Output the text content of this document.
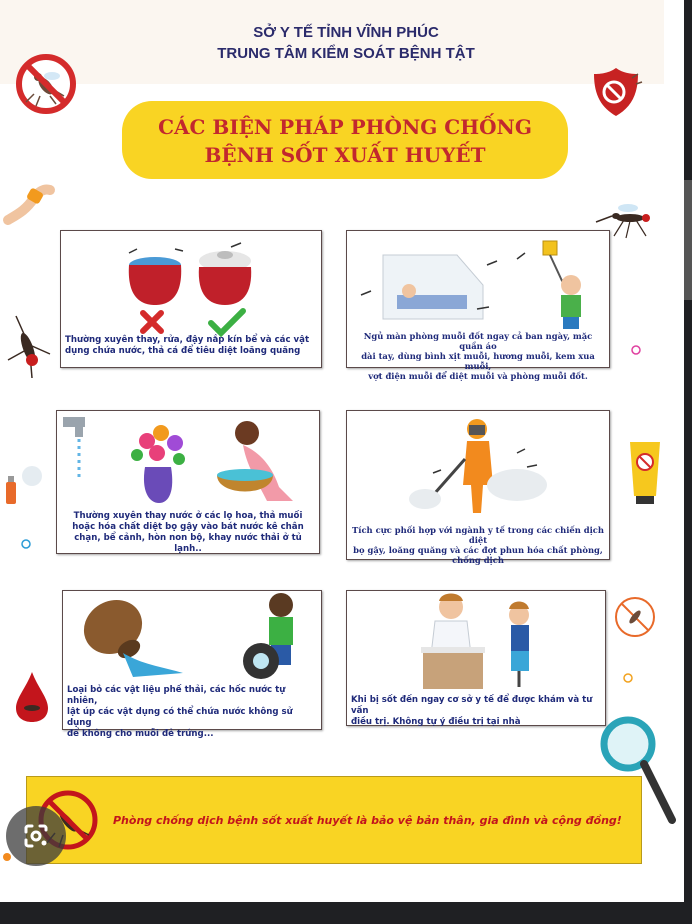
SỞ Y TẾ TỈNH VĨNH PHÚC
TRUNG TÂM KIỂM SOÁT BỆNH TẬT
CÁC BIỆN PHÁP PHÒNG CHỐNG
BỆNH SỐT XUẤT HUYẾT
Thường xuyên thay, rửa, đậy nắp kín bể và các vật
dụng chứa nước, thả cá để tiêu diệt loăng quăng
Ngủ màn phòng muỗi đốt ngay cả ban ngày, mặc quần áo
dài tay, dùng bình xịt muỗi, hương muỗi, kem xua muỗi,
vợt điện muỗi để diệt muỗi và phòng muỗi đốt.
Thường xuyên thay nước ở các lọ hoa, thả muối
hoặc hóa chất diệt bọ gậy vào bát nước kê chân
chạn, bể cảnh, hòn non bộ, khay nước thải ở tủ lạnh..
Tích cực phối hợp với ngành y tế trong các chiến dịch diệt
bọ gậy, loăng quăng và các đợt phun hóa chất phòng,
chống dịch
Loại bỏ các vật liệu phế thải, các hốc nước tự nhiên,
lật úp các vật dụng có thể chứa nước không sử dụng
để không cho muỗi đẻ trứng...
Khi bị sốt đến ngay cơ sở y tế để được khám và tư vấn
điều trị. Không tự ý điều trị tại nhà
Phòng chống dịch bệnh sốt xuất huyết là bảo vệ bản thân, gia đình và cộng đồng!
